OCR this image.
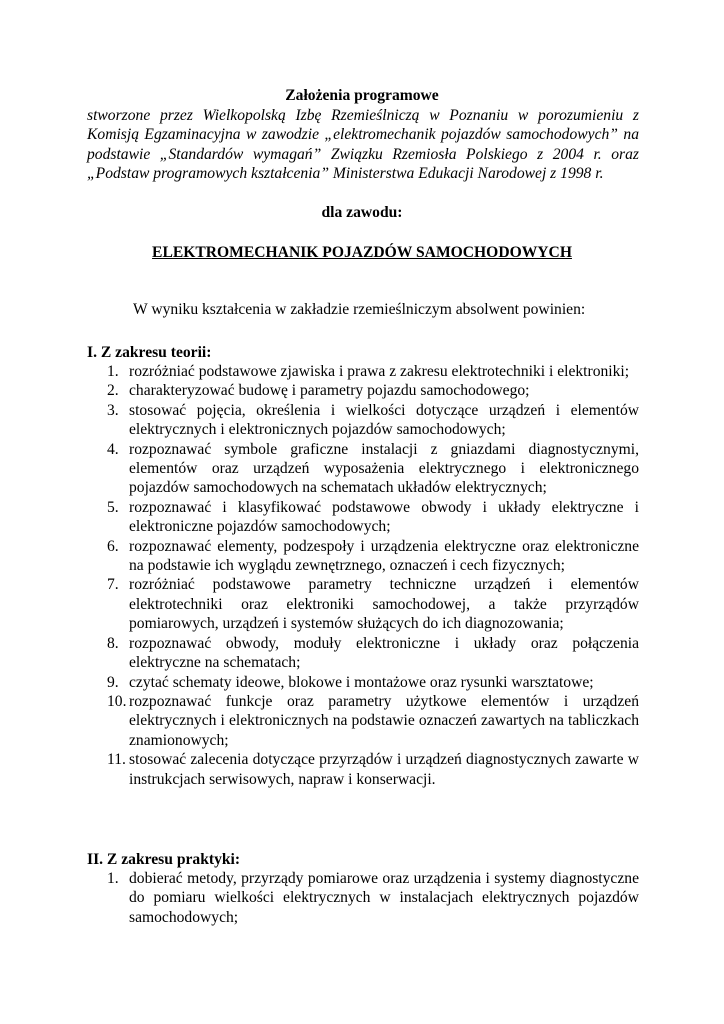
Założenia programowe
stworzone przez Wielkopolską Izbę Rzemieślniczą w Poznaniu w porozumieniu z Komisją Egzaminacyjna w zawodzie „elektromechanik pojazdów samochodowych” na podstawie „Standardów wymagań” Związku Rzemiosła Polskiego z 2004 r. oraz „Podstaw programowych kształcenia” Ministerstwa Edukacji Narodowej z 1998 r.
dla zawodu:
ELEKTROMECHANIK POJAZDÓW SAMOCHODOWYCH
W wyniku kształcenia w zakładzie rzemieślniczym absolwent powinien:
I. Z zakresu teorii:
1. rozróżniać podstawowe zjawiska i prawa z zakresu elektrotechniki i elektroniki;
2. charakteryzować budowę i parametry pojazdu samochodowego;
3. stosować pojęcia, określenia i wielkości dotyczące urządzeń i elementów elektrycznych i elektronicznych pojazdów samochodowych;
4. rozpoznawać symbole graficzne instalacji z gniazdami diagnostycznymi, elementów oraz urządzeń wyposażenia elektrycznego i elektronicznego pojazdów samochodowych na schematach układów elektrycznych;
5. rozpoznawać i klasyfikować podstawowe obwody i układy elektryczne i elektroniczne pojazdów samochodowych;
6. rozpoznawać elementy, podzespoły i urządzenia elektryczne oraz elektroniczne na podstawie ich wyglądu zewnętrznego, oznaczeń i cech fizycznych;
7. rozróżniać podstawowe parametry techniczne urządzeń i elementów elektrotechniki oraz elektroniki samochodowej, a także przyrządów pomiarowych, urządzeń i systemów służących do ich diagnozowania;
8. rozpoznawać obwody, moduły elektroniczne i układy oraz połączenia elektryczne na schematach;
9. czytać schematy ideowe, blokowe i montażowe oraz rysunki warsztatowe;
10. rozpoznawać funkcje oraz parametry użytkowe elementów i urządzeń elektrycznych i elektronicznych na podstawie oznaczeń zawartych na tabliczkach znamionowych;
11. stosować zalecenia dotyczące przyrządów i urządzeń diagnostycznych zawarte w instrukcjach serwisowych, napraw i konserwacji.
II. Z zakresu praktyki:
1. dobierać metody, przyrządy pomiarowe oraz urządzenia i systemy diagnostyczne do pomiaru wielkości elektrycznych w instalacjach elektrycznych pojazdów samochodowych;
